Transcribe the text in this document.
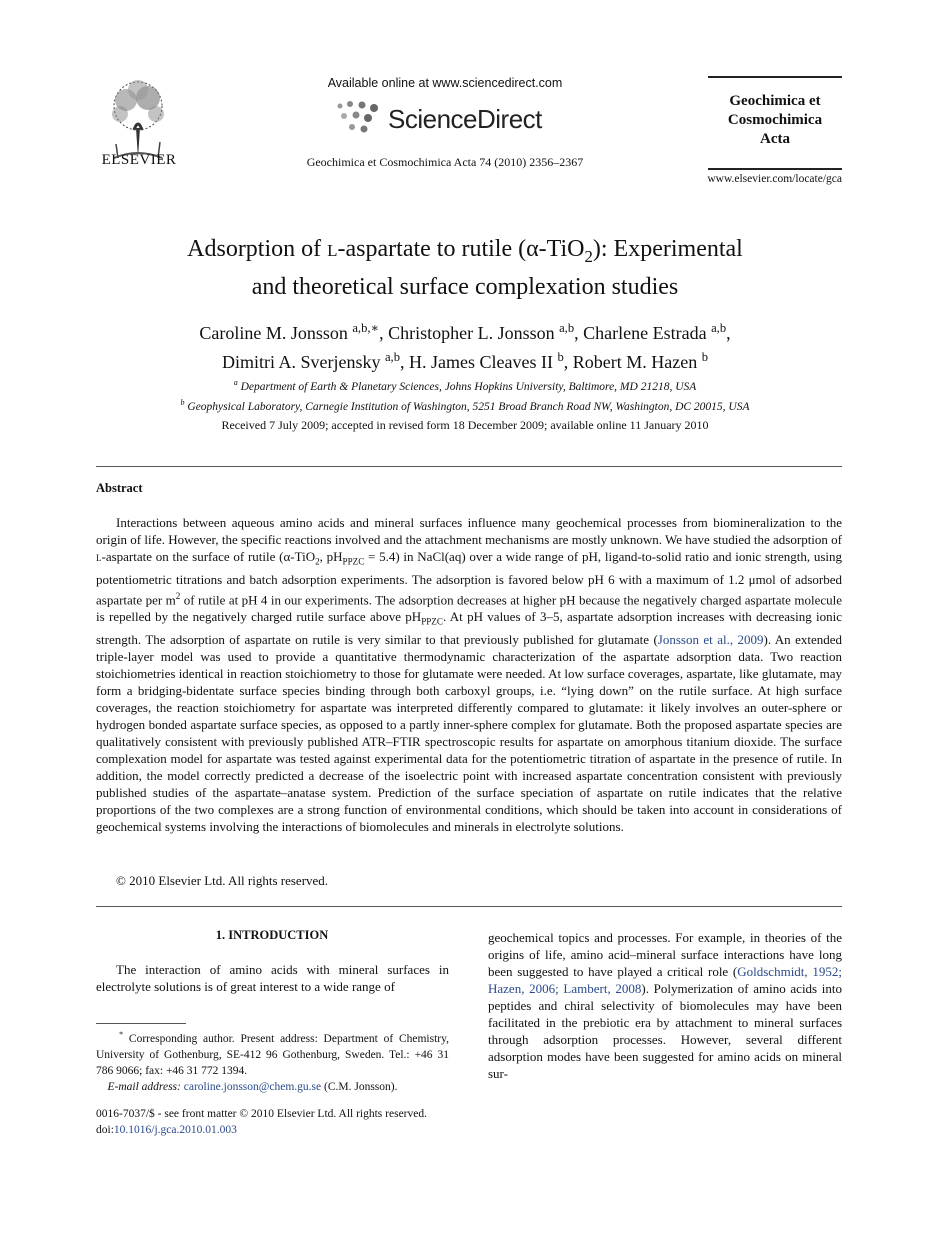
ELSEVIER
Available online at www.sciencedirect.com
ScienceDirect
Geochimica et Cosmochimica Acta 74 (2010) 2356–2367
Geochimica et
Cosmochimica
Acta
www.elsevier.com/locate/gca
Adsorption of l-aspartate to rutile (α-TiO$_2$): Experimental
and theoretical surface complexation studies
Caroline M. Jonsson $^{a,b,∗}$, Christopher L. Jonsson $^{a,b}$, Charlene Estrada $^{a,b}$,
Dimitri A. Sverjensky $^{a,b}$, H. James Cleaves II $^b$, Robert M. Hazen $^b$
$^a$ Department of Earth & Planetary Sciences, Johns Hopkins University, Baltimore, MD 21218, USA
$^b$ Geophysical Laboratory, Carnegie Institution of Washington, 5251 Broad Branch Road NW, Washington, DC 20015, USA
Received 7 July 2009; accepted in revised form 18 December 2009; available online 11 January 2010
Abstract

Interactions between aqueous amino acids and mineral surfaces influence many geochemical processes from biomineralization to the origin of life. However, the specific reactions involved and the attachment mechanisms are mostly unknown. We have studied the adsorption of l-aspartate on the surface of rutile (α-TiO$_2$, $pH_{PPZC} = 5.4$) in NaCl(aq) over a wide range of pH, ligand-to-solid ratio and ionic strength, using potentiometric titrations and batch adsorption experiments. The adsorption is favored below pH 6 with a maximum of 1.2 μmol of adsorbed aspartate per $m^2$ of rutile at pH 4 in our experiments. The adsorption decreases at higher pH because the negatively charged aspartate molecule is repelled by the negatively charged rutile surface above $pH_{PPZC}$. At pH values of 3–5, aspartate adsorption increases with decreasing ionic strength. The adsorption of aspartate on rutile is very similar to that previously published for glutamate (Jonsson et al., 2009). An extended triple-layer model was used to provide a quantitative thermodynamic characterization of the aspartate adsorption data. Two reaction stoichiometries identical in reaction stoichiometry to those for glutamate were needed. At low surface coverages, aspartate, like glutamate, may form a bridging-bidentate surface species binding through both carboxyl groups, i.e. “lying down” on the rutile surface. At high surface coverages, the reaction stoichiometry for aspartate was interpreted differently compared to glutamate: it likely involves an outer-sphere or hydrogen bonded aspartate surface species, as opposed to a partly inner-sphere complex for glutamate. Both the proposed aspartate species are qualitatively consistent with previously published ATR–FTIR spectroscopic results for aspartate on amorphous titanium dioxide. The surface complexation model for aspartate was tested against experimental data for the potentiometric titration of aspartate in the presence of rutile. In addition, the model correctly predicted a decrease of the isoelectric point with increased aspartate concentration consistent with previously published studies of the aspartate–anatase system. Prediction of the surface speciation of aspartate on rutile indicates that the relative proportions of the two complexes are a strong function of environmental conditions, which should be taken into account in considerations of geochemical systems involving the interactions of biomolecules and minerals in electrolyte solutions.

© 2010 Elsevier Ltd. All rights reserved.
1. INTRODUCTION

The interaction of amino acids with mineral surfaces in electrolyte solutions is of great interest to a wide range of

geochemical topics and processes. For example, in theories of the origins of life, amino acid–mineral surface interactions have long been suggested to have played a critical role (Goldschmidt, 1952; Hazen, 2006; Lambert, 2008). Polymerization of amino acids into peptides and chiral selectivity of biomolecules may have been facilitated in the prebiotic era by attachment to mineral surfaces through adsorption processes. However, several different adsorption modes have been suggested for amino acids on mineral sur-

* Corresponding author. Present address: Department of Chemistry, University of Gothenburg, SE-412 96 Gothenburg, Sweden. Tel.: +46 31 786 9066; fax: +46 31 772 1394.
E-mail address: caroline.jonsson@chem.gu.se (C.M. Jonsson).

0016-7037/$ - see front matter © 2010 Elsevier Ltd. All rights reserved.
doi:10.1016/j.gca.2010.01.003
